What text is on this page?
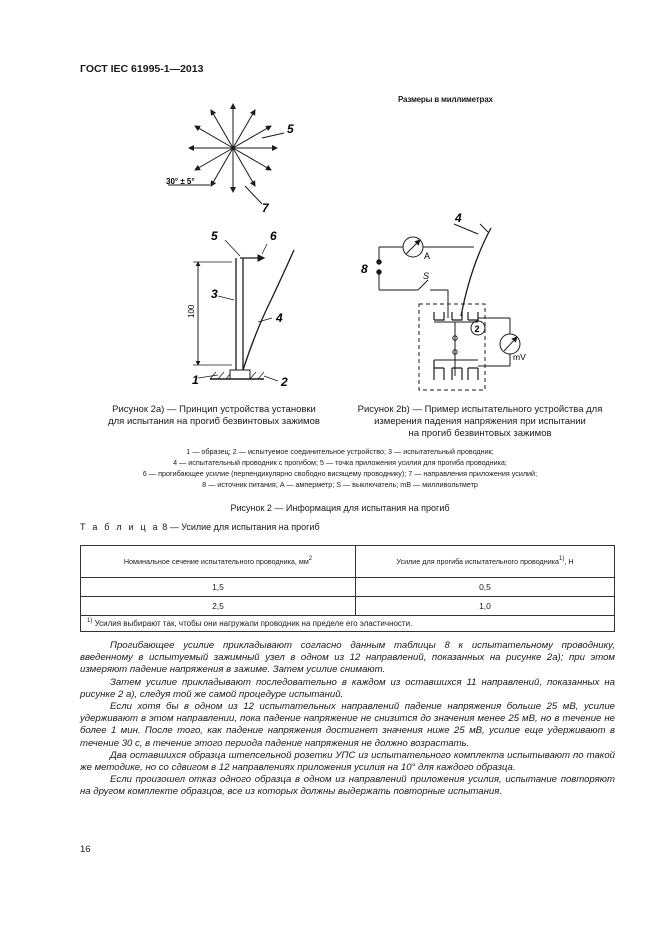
ГОСТ IEC 61995-1—2013
Размеры в миллиметрах
5
7
30° ± 5°
1	2
3
4
5	6
100
4
8	S
A
mV
2
Рисунок 2а) — Принцип устройства установки
для испытания на прогиб безвинтовых зажимов
Рисунок 2b) — Пример испытательного устройства для
измерения падения напряжения при испытании
на прогиб безвинтовых зажимов
1 — образец; 2 — испытуемое соединительное устройство; 3 — испытательный проводник;
4 — испытательный проводник с прогибом; 5 — точка приложения усилия для прогиба проводника;
6 — прогибающее усилие (перпендикулярно свободно висящему проводнику); 7 — направления приложения усилий;
8 — источник питания; A — амперметр; S — выключатель; mB — милливольтметр
Рисунок 2 — Информация для испытания на прогиб
Т а б л и ц а 8 — Усилие для испытания на прогиб
Номинальное сечение испытательного проводника, $мм^2$	Усилие для прогиба испытательного проводника$^{1)}$, Н
1,5	0,5
2,5	1,0
$^{1)}$ Усилия выбирают так, чтобы они нагружали проводник на пределе его эластичности.	

Прогибающее усилие прикладывают согласно данным таблицы 8 к испытательному проводнику, введенному в испытуемый зажимный узел в одном из 12 направлений, показанных на рисунке 2а); при этом измеряют падение напряжения в зажиме. Затем усилие снимают.

Затем усилие прикладывают последовательно в каждом из оставшихся 11 направлений, показанных на рисунке 2 а), следуя той же самой процедуре испытаний.

Если хотя бы в одном из 12 испытательных направлений падение напряжения больше 25 мВ, усилие удерживают в этом направлении, пока падение напряжение не снизится до значения менее 25 мВ, но в течение не более 1 мин. После того, как падение напряжения достигнет значения ниже 25 мВ, усилие еще удерживают в течение 30 с, в течение этого периода падение напряжения не должно возрастать.

Два оставшихся образца штепсельной розетки УПС из испытательного комплекта испытывают по такой же методике, но со сдвигом в 12 направлениях приложения усилия на 10° для каждого образца.

Если произошел отказ одного образца в одном из направлений приложения усилия, испытание повторяют на другом комплекте образцов, все из которых должны выдержать повторные испытания.

16
